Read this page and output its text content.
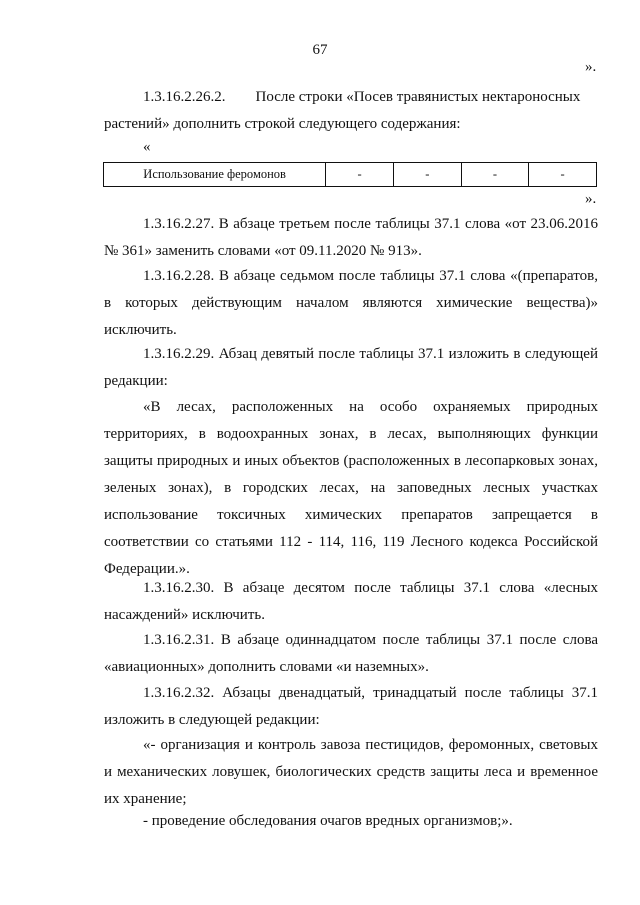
67
».
1.3.16.2.26.2.        После строки «Посев травянистых нектароносных
растений» дополнить строкой следующего содержания:
«
Использование феромонов	-	-	-	-
».
1.3.16.2.27. В абзаце третьем после таблицы 37.1 слова «от 23.06.2016
№ 361» заменить словами «от 09.11.2020 № 913».
1.3.16.2.28. В абзаце седьмом после таблицы 37.1 слова «(препаратов,
в которых действующим началом являются химические вещества)»
исключить.
1.3.16.2.29. Абзац девятый после таблицы 37.1 изложить в следующей
редакции:
«В лесах, расположенных на особо охраняемых природных
территориях, в водоохранных зонах, в лесах, выполняющих функции
защиты природных и иных объектов (расположенных в лесопарковых зонах,
зеленых зонах), в городских лесах, на заповедных лесных участках
использование токсичных химических препаратов запрещается в
соответствии со статьями 112 - 114, 116, 119 Лесного кодекса Российской
Федерации.».
1.3.16.2.30. В абзаце десятом после таблицы 37.1 слова «лесных
насаждений» исключить.
1.3.16.2.31. В абзаце одиннадцатом после таблицы 37.1 после слова
«авиационных» дополнить словами «и наземных».
1.3.16.2.32. Абзацы двенадцатый, тринадцатый после таблицы 37.1
изложить в следующей редакции:
«- организация и контроль завоза пестицидов, феромонных, световых
и механических ловушек, биологических средств защиты леса и временное
их хранение;
- проведение обследования очагов вредных организмов;».
